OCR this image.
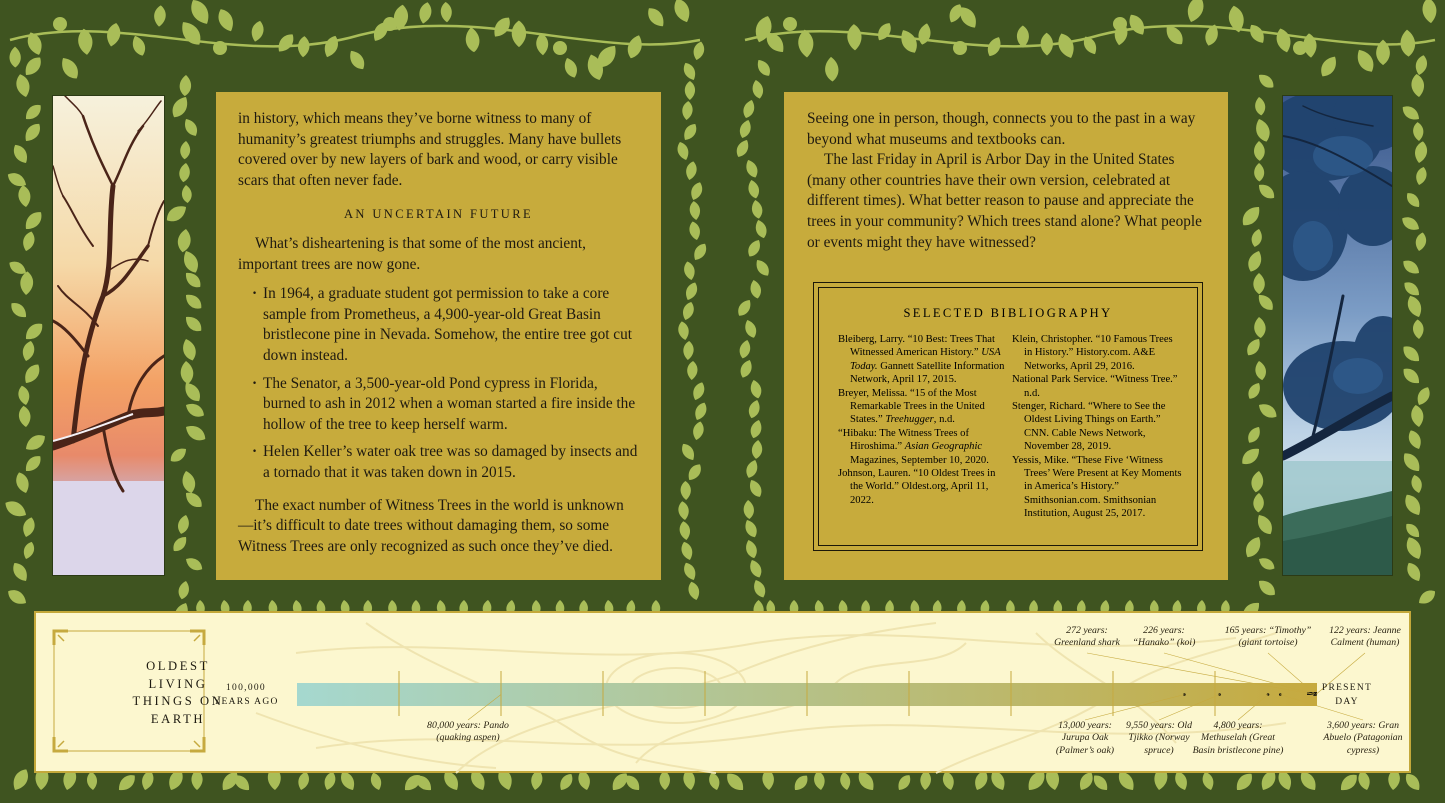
in history, which means they’ve borne witness to many of humanity’s greatest triumphs and struggles. Many have bullets covered over by new layers of bark and wood, or carry visible scars that often never fade.

AN UNCERTAIN FUTURE

What’s disheartening is that some of the most ancient, important trees are now gone.

· In 1964, a graduate student got permission to take a core sample from Prometheus, a 4,900-year-old Great Basin bristlecone pine in Nevada. Somehow, the entire tree got cut down instead.
· The Senator, a 3,500-year-old Pond cypress in Florida, burned to ash in 2012 when a woman started a fire inside the hollow of the tree to keep herself warm.
· Helen Keller’s water oak tree was so damaged by insects and a tornado that it was taken down in 2015.

The exact number of Witness Trees in the world is unknown—it’s difficult to date trees without damaging them, so some Witness Trees are only recognized as such once they’ve died.

Seeing one in person, though, connects you to the past in a way beyond what museums and textbooks can.

The last Friday in April is Arbor Day in the United States (many other countries have their own version, celebrated at different times). What better reason to pause and appreciate the trees in your community? Which trees stand alone? What people or events might they have witnessed?

SELECTED BIBLIOGRAPHY
Bleiberg, Larry. “10 Best: Trees That Witnessed American History.” USA Today. Gannett Satellite Information Network, April 17, 2015.
Breyer, Melissa. “15 of the Most Remarkable Trees in the United States.” Treehugger, n.d.
“Hibaku: The Witness Trees of Hiroshima.” Asian Geographic Magazines, September 10, 2020.
Johnson, Lauren. “10 Oldest Trees in the World.” Oldest.org, April 11, 2022.
Klein, Christopher. “10 Famous Trees in History.” History.com. A&E Networks, April 29, 2016.
National Park Service. “Witness Tree.” n.d.
Stenger, Richard. “Where to See the Oldest Living Things on Earth.” CNN. Cable News Network, November 28, 2019.
Yessis, Mike. “These Five ‘Witness Trees’ Were Present at Key Moments in America’s History.” Smithsonian.com. Smithsonian Institution, August 25, 2017.
OLDEST
LIVING
THINGS ON
EARTH
100,000
YEARS AGO
PRESENT
DAY
80,000 years: Pando
(quaking aspen)
13,000 years:
Jurupa Oak
(Palmer’s oak)
9,550 years: Old
Tjikko (Norway
spruce)
4,800 years:
Methuselah (Great
Basin bristlecone pine)
3,600 years: Gran
Abuelo (Patagonian
cypress)
272 years:
Greenland shark
226 years:
“Hanako” (koi)
165 years: “Timothy”
(giant tortoise)
122 years: Jeanne
Calment (human)
